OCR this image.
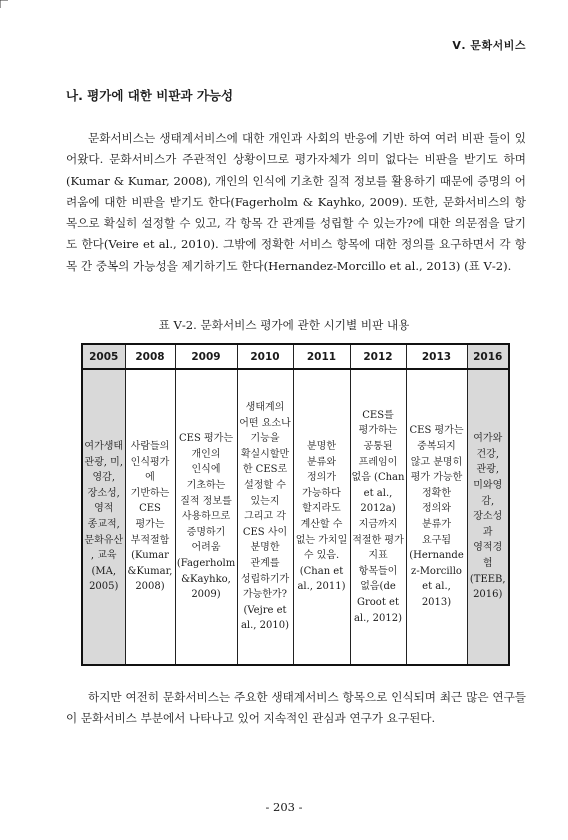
Ⅴ. 문화서비스
나. 평가에 대한 비판과 가능성

문화서비스는 생태계서비스에 대한 개인과 사회의 반응에 기반 하여 여러 비판 들이 있어왔다. 문화서비스가 주관적인 상황이므로 평가자체가 의미 없다는 비판을 받기도 하며(Kumar & Kumar, 2008), 개인의 인식에 기초한 질적 정보를 활용하기 때문에 증명의 어려움에 대한 비판을 받기도 한다(Fagerholm & Kayhko, 2009). 또한, 문화서비스의 항목으로 확실히 설정할 수 있고, 각 항목 간 관계를 성립할 수 있는가?에 대한 의문점을 달기도 한다(Veire et al., 2010). 그밖에 정확한 서비스 항목에 대한 정의를 요구하면서 각 항목 간 중복의 가능성을 제기하기도 한다(Hernandez-Morcillo et al., 2013) (표 Ⅴ-2).

표 Ⅴ-2. 문화서비스 평가에 관한 시기별 비판 내용
2005	2008	2009	2010	2011	2012	2013	2016
여가생태관광, 미, 영감, 장소성, 영적 종교적, 문화유산, 교육 (MA, 2005)	사람들의 인식평가에 기반하는 CES 평가는 부적절함 (Kumar &Kumar, 2008)	CES 평가는 개인의 인식에 기초하는 질적 정보를 사용하므로 증명하기 어려움 (Fagerholm &Kayhko, 2009)	생태계의 어떤 요소나 기능을 확실시할만한 CES로 설정할 수 있는지 그리고 각 CES 사이 분명한 관계를 성립하기가 가능한가? (Vejre et al., 2010)	분명한 분류와 정의가 가능하다 할지라도 계산할 수 없는 가치일 수 있음. (Chan et al., 2011)	CES를 평가하는 공통된 프레임이 없음 (Chan et al., 2012a) 지금까지 적절한 평가 지표 항목들이 없음(de Groot et al., 2012)	CES 평가는 중복되지 않고 분명히 평가 가능한 정확한 정의와 분류가 요구됨 (Hernandez-Morcillo et al., 2013)	여가와 건강, 관광, 미와영감, 장소성과 영적경험 (TEEB, 2016)

하지만 여전히 문화서비스는 주요한 생태계서비스 항목으로 인식되며 최근 많은 연구들이 문화서비스 부분에서 나타나고 있어 지속적인 관심과 연구가 요구된다.

- 203 -
